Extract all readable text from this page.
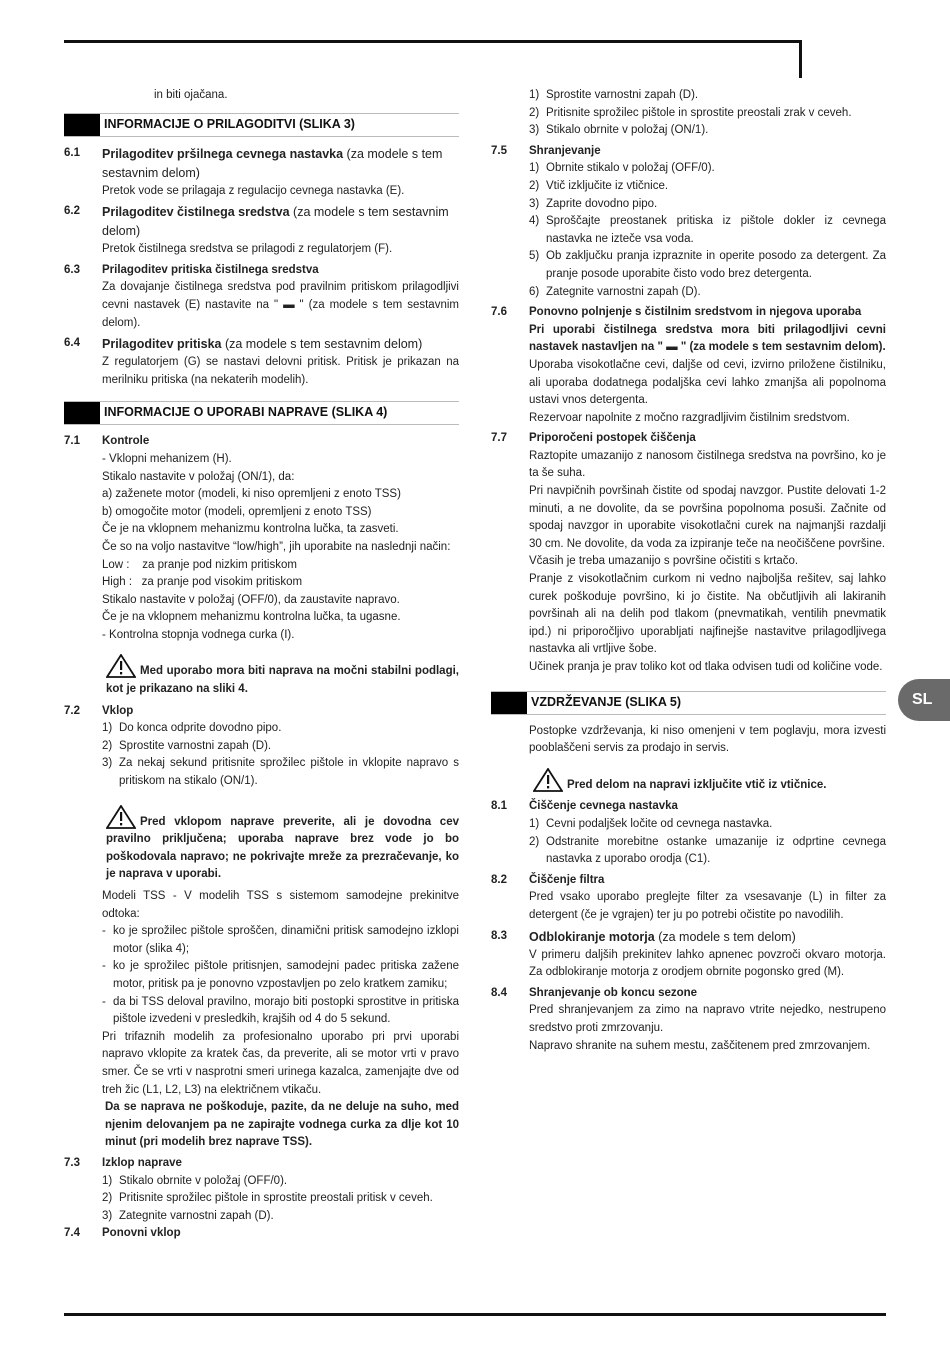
in biti ojačana.
INFORMACIJE O PRILAGODITVI (SLIKA 3)
6.1 Prilagoditev pršilnega cevnega nastavka (za modele s tem sestavnim delom)
Pretok vode se prilagaja z regulacijo cevnega nastavka (E).
6.2 Prilagoditev čistilnega sredstva (za modele s tem sestavnim delom)
Pretok čistilnega sredstva se prilagodi z regulatorjem (F).
6.3 Prilagoditev pritiska čistilnega sredstva
Za dovajanje čistilnega sredstva pod pravilnim pritiskom prilagodljivi cevni nastavek (E) nastavite na " ▬ " (za modele s tem sestavnim delom).
6.4 Prilagoditev pritiska (za modele s tem sestavnim delom)
Z regulatorjem (G) se nastavi delovni pritisk. Pritisk je prikazan na merilniku pritiska (na nekaterih modelih).
INFORMACIJE O UPORABI NAPRAVE (SLIKA 4)
7.1 Kontrole
- Vklopni mehanizem (H).
Stikalo nastavite v položaj (ON/1), da:
a) zaženete motor (modeli, ki niso opremljeni z enoto TSS)
b) omogočite motor (modeli, opremljeni z enoto TSS)
Če je na vklopnem mehanizmu kontrolna lučka, ta zasveti.
Če so na voljo nastavitve “low/high”, jih uporabite na naslednji način:
Low :    za pranje pod nizkim pritiskom
High :   za pranje pod visokim pritiskom
Stikalo nastavite v položaj (OFF/0), da zaustavite napravo.
Če je na vklopnem mehanizmu kontrolna lučka, ta ugasne.
- Kontrolna stopnja vodnega curka (I).
Med uporabo mora biti naprava na močni stabilni podlagi, kot je prikazano na sliki 4.
7.2 Vklop
1) Do konca odprite dovodno pipo.
2) Sprostite varnostni zapah (D).
3) Za nekaj sekund pritisnite sprožilec pištole in vklopite napravo s pritiskom na stikalo (ON/1).
Pred vklopom naprave preverite, ali je dovodna cev pravilno priključena; uporaba naprave brez vode jo bo poškodovala napravo; ne pokrivajte mreže za prezračevanje, ko je naprava v uporabi.
Modeli TSS - V modelih TSS s sistemom samodejne prekinitve odtoka:
- ko je sprožilec pištole sproščen, dinamični pritisk samodejno izklopi motor (slika 4);
- ko je sprožilec pištole pritisnjen, samodejni padec pritiska zažene motor, pritisk pa je ponovno vzpostavljen po zelo kratkem zamiku;
- da bi TSS deloval pravilno, morajo biti postopki sprostitve in pritiska pištole izvedeni v presledkih, krajših od 4 do 5 sekund.
Pri trifaznih modelih za profesionalno uporabo pri prvi uporabi napravo vklopite za kratek čas, da preverite, ali se motor vrti v pravo smer. Če se vrti v nasprotni smeri urinega kazalca, zamenjajte dve od treh žic (L1, L2, L3) na električnem vtikaču.
Da se naprava ne poškoduje, pazite, da ne deluje na suho, med njenim delovanjem pa ne zapirajte vodnega curka za dlje kot 10 minut (pri modelih brez naprave TSS).
7.3 Izklop naprave
1) Stikalo obrnite v položaj (OFF/0).
2) Pritisnite sprožilec pištole in sprostite preostali pritisk v ceveh.
3) Zategnite varnostni zapah (D).
7.4 Ponovni vklop
1) Sprostite varnostni zapah (D).
2) Pritisnite sprožilec pištole in sprostite preostali zrak v ceveh.
3) Stikalo obrnite v položaj (ON/1).
7.5 Shranjevanje
1) Obrnite stikalo v položaj (OFF/0).
2) Vtič izključite iz vtičnice.
3) Zaprite dovodno pipo.
4) Sproščajte preostanek pritiska iz pištole dokler iz cevnega nastavka ne izteče vsa voda.
5) Ob zaključku pranja izpraznite in operite posodo za detergent. Za pranje posode uporabite čisto vodo brez detergenta.
6) Zategnite varnostni zapah (D).
7.6 Ponovno polnjenje s čistilnim sredstvom in njegova uporaba
Pri uporabi čistilnega sredstva mora biti prilagodljivi cevni nastavek nastavljen na " ▬ " (za modele s tem sestavnim delom).
Uporaba visokotlačne cevi, daljše od cevi, izvirno priložene čistilniku, ali uporaba dodatnega podaljška cevi lahko zmanjša ali popolnoma ustavi vnos detergenta.
Rezervoar napolnite z močno razgradljivim čistilnim sredstvom.
7.7 Priporočeni postopek čiščenja
Raztopite umazanijo z nanosom čistilnega sredstva na površino, ko je ta še suha.
Pri navpičnih površinah čistite od spodaj navzgor. Pustite delovati 1-2 minuti, a ne dovolite, da se površina popolnoma posuši. Začnite od spodaj navzgor in uporabite visokotlačni curek na najmanjši razdalji 30 cm. Ne dovolite, da voda za izpiranje teče na neočiščene površine.
Včasih je treba umazanijo s površine očistiti s krtačo.
Pranje z visokotlačnim curkom ni vedno najboljša rešitev, saj lahko curek poškoduje površino, ki jo čistite. Na občutljivih ali lakiranih površinah ali na delih pod tlakom (pnevmatikah, ventilih pnevmatik ipd.) ni priporočljivo uporabljati najfinejše nastavitve prilagodljivega nastavka ali vrtljive šobe.
Učinek pranja je prav toliko kot od tlaka odvisen tudi od količine vode.
VZDRŽEVANJE (SLIKA 5)
Postopke vzdrževanja, ki niso omenjeni v tem poglavju, mora izvesti pooblaščeni servis za prodajo in servis.
Pred delom na napravi izključite vtič iz vtičnice.
8.1 Čiščenje cevnega nastavka
1) Cevni podaljšek ločite od cevnega nastavka.
2) Odstranite morebitne ostanke umazanije iz odprtine cevnega nastavka z uporabo orodja (C1).
8.2 Čiščenje filtra
Pred vsako uporabo preglejte filter za vsesavanje (L) in filter za detergent (če je vgrajen) ter ju po potrebi očistite po navodilih.
8.3 Odblokiranje motorja (za modele s tem delom)
V primeru daljših prekinitev lahko apnenec povzroči okvaro motorja. Za odblokiranje motorja z orodjem obrnite pogonsko gred (M).
8.4 Shranjevanje ob koncu sezone
Pred shranjevanjem za zimo na napravo vtrite nejedko, nestrupeno sredstvo proti zmrzovanju.
Napravo shranite na suhem mestu, zaščitenem pred zmrzovanjem.
SL
